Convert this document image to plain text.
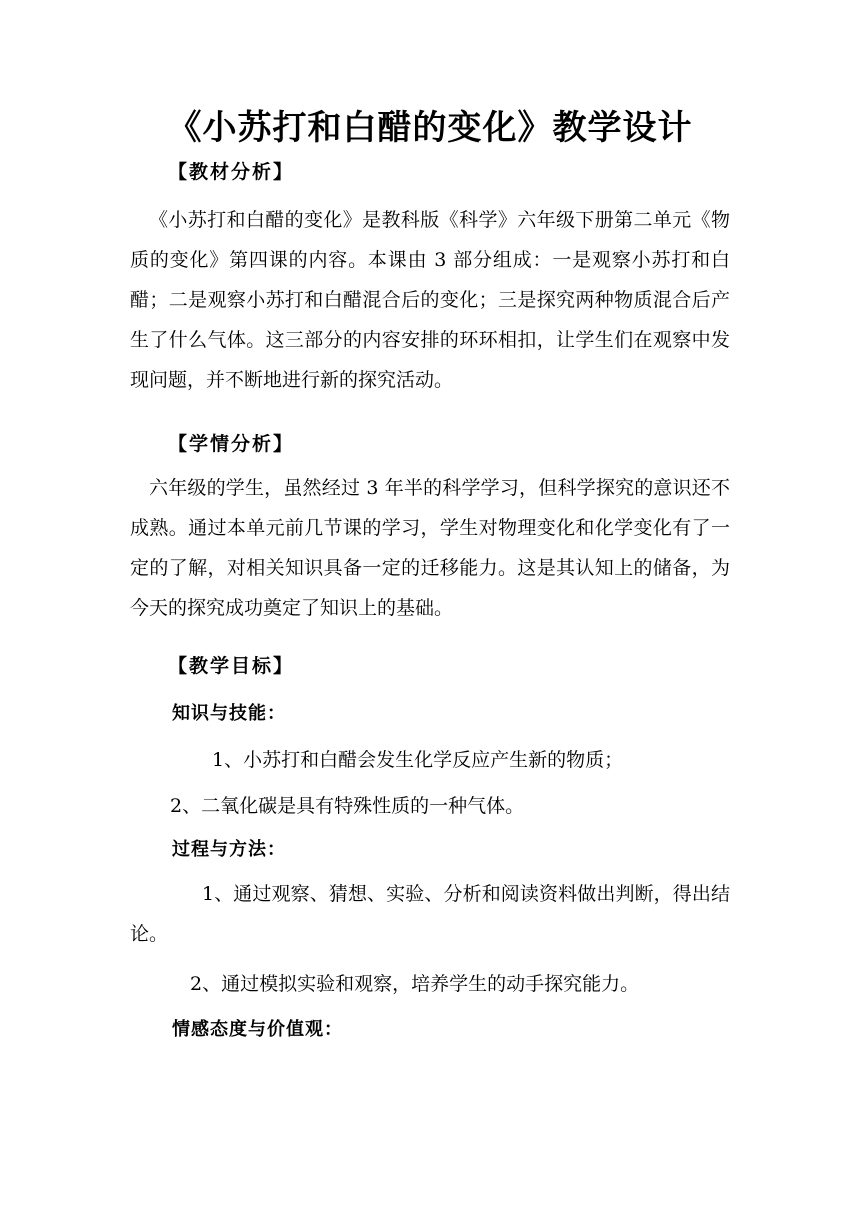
《小苏打和白醋的变化》教学设计
【教材分析】
《小苏打和白醋的变化》是教科版《科学》六年级下册第二单元《物质的变化》第四课的内容。本课由 3 部分组成：一是观察小苏打和白醋；二是观察小苏打和白醋混合后的变化；三是探究两种物质混合后产生了什么气体。这三部分的内容安排的环环相扣，让学生们在观察中发现问题，并不断地进行新的探究活动。
【学情分析】
六年级的学生，虽然经过 3 年半的科学学习，但科学探究的意识还不成熟。通过本单元前几节课的学习，学生对物理变化和化学变化有了一定的了解，对相关知识具备一定的迁移能力。这是其认知上的储备，为今天的探究成功奠定了知识上的基础。
【教学目标】
知识与技能：
1、小苏打和白醋会发生化学反应产生新的物质；
2、二氧化碳是具有特殊性质的一种气体。
过程与方法：
1、通过观察、猜想、实验、分析和阅读资料做出判断，得出结论。
2、通过模拟实验和观察，培养学生的动手探究能力。
情感态度与价值观：
